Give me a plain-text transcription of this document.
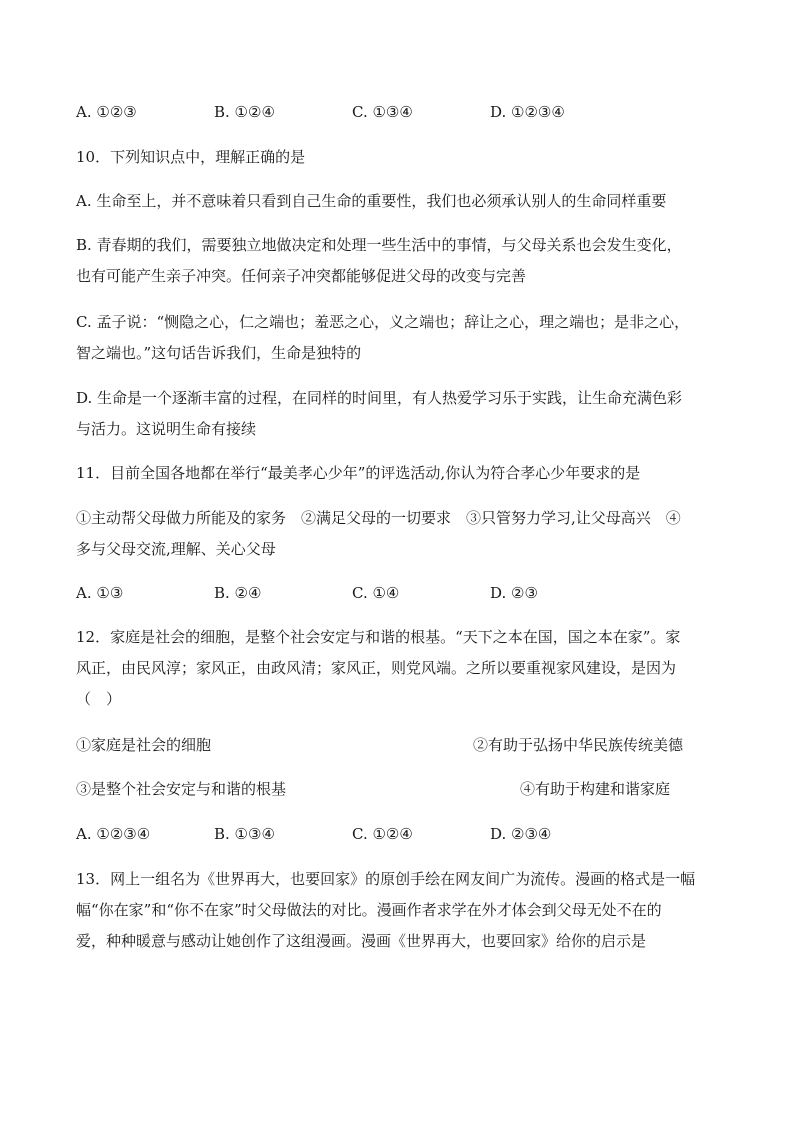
A. ①②③	B. ①②④	C. ①③④	D. ①②③④
10．下列知识点中，理解正确的是
A. 生命至上，并不意味着只看到自己生命的重要性，我们也必须承认别人的生命同样重要
B. 青春期的我们，需要独立地做决定和处理一些生活中的事情，与父母关系也会发生变化，
也有可能产生亲子冲突。任何亲子冲突都能够促进父母的改变与完善
C. 孟子说：“恻隐之心，仁之端也；羞恶之心，义之端也；辞让之心，理之端也；是非之心，
智之端也。”这句话告诉我们，生命是独特的
D. 生命是一个逐渐丰富的过程，在同样的时间里，有人热爱学习乐于实践，让生命充满色彩
与活力。这说明生命有接续
11．目前全国各地都在举行“最美孝心少年”的评选活动,你认为符合孝心少年要求的是
①主动帮父母做力所能及的家务　②满足父母的一切要求　③只管努力学习,让父母高兴　④
多与父母交流,理解、关心父母
A. ①③	B. ②④	C. ①④	D. ②③
12．家庭是社会的细胞，是整个社会安定与和谐的根基。“天下之本在国，国之本在家”。家
风正，由民风淳；家风正，由政风清；家风正，则党风端。之所以要重视家风建设，是因为
（　）
①家庭是社会的细胞	②有助于弘扬中华民族传统美德
③是整个社会安定与和谐的根基	④有助于构建和谐家庭
A. ①②③④	B. ①③④	C. ①②④	D. ②③④
13．网上一组名为《世界再大，也要回家》的原创手绘在网友间广为流传。漫画的格式是一幅
幅“你在家”和“你不在家”时父母做法的对比。漫画作者求学在外才体会到父母无处不在的
爱，种种暖意与感动让她创作了这组漫画。漫画《世界再大，也要回家》给你的启示是
